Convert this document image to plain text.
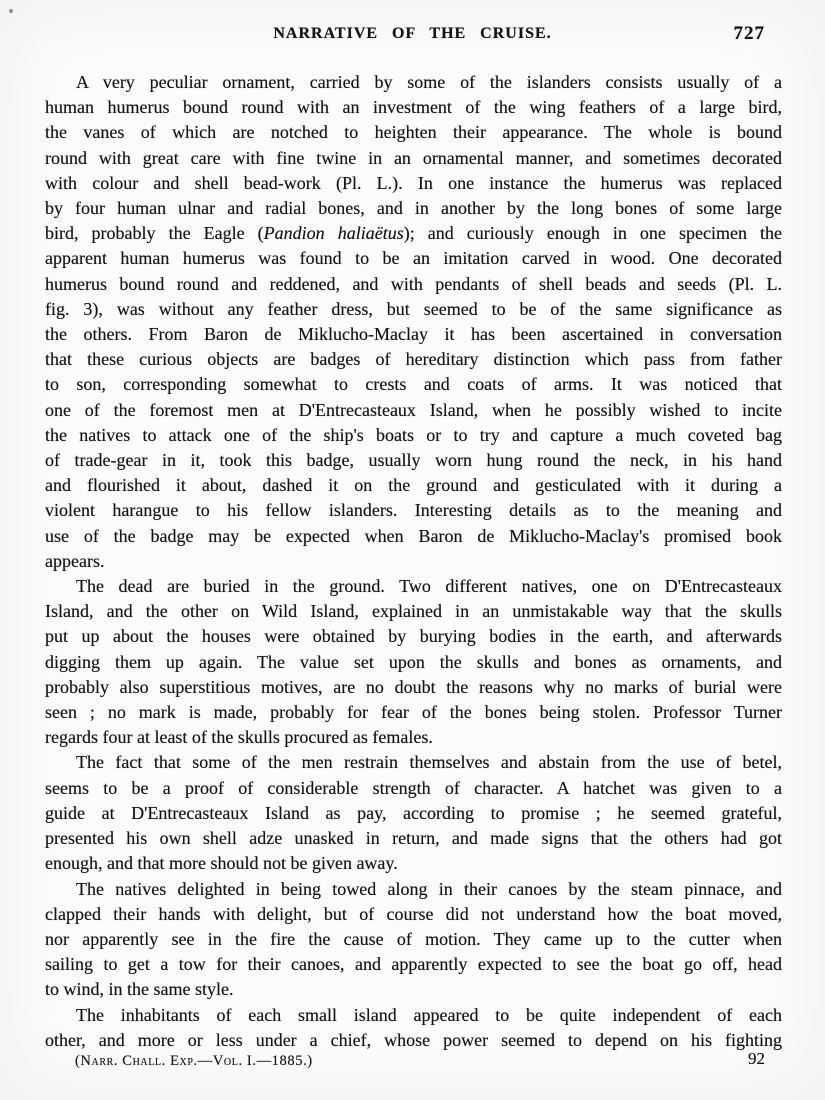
NARRATIVE OF THE CRUISE.	727

A very peculiar ornament, carried by some of the islanders consists usually of a
human humerus bound round with an investment of the wing feathers of a large bird,
the vanes of which are notched to heighten their appearance. The whole is bound
round with great care with fine twine in an ornamental manner, and sometimes decorated
with colour and shell bead-work (Pl. L.). In one instance the humerus was replaced
by four human ulnar and radial bones, and in another by the long bones of some large
bird, probably the Eagle (Pandion haliaëtus); and curiously enough in one specimen the
apparent human humerus was found to be an imitation carved in wood. One decorated
humerus bound round and reddened, and with pendants of shell beads and seeds (Pl. L.
fig. 3), was without any feather dress, but seemed to be of the same significance as
the others. From Baron de Miklucho-Maclay it has been ascertained in conversation
that these curious objects are badges of hereditary distinction which pass from father
to son, corresponding somewhat to crests and coats of arms. It was noticed that
one of the foremost men at D'Entrecasteaux Island, when he possibly wished to incite
the natives to attack one of the ship's boats or to try and capture a much coveted bag
of trade-gear in it, took this badge, usually worn hung round the neck, in his hand
and flourished it about, dashed it on the ground and gesticulated with it during a
violent harangue to his fellow islanders. Interesting details as to the meaning and
use of the badge may be expected when Baron de Miklucho-Maclay's promised book
appears.

The dead are buried in the ground. Two different natives, one on D'Entrecasteaux
Island, and the other on Wild Island, explained in an unmistakable way that the skulls
put up about the houses were obtained by burying bodies in the earth, and afterwards
digging them up again. The value set upon the skulls and bones as ornaments, and
probably also superstitious motives, are no doubt the reasons why no marks of burial were
seen ; no mark is made, probably for fear of the bones being stolen. Professor Turner
regards four at least of the skulls procured as females.

The fact that some of the men restrain themselves and abstain from the use of betel,
seems to be a proof of considerable strength of character. A hatchet was given to a
guide at D'Entrecasteaux Island as pay, according to promise ; he seemed grateful,
presented his own shell adze unasked in return, and made signs that the others had got
enough, and that more should not be given away.

The natives delighted in being towed along in their canoes by the steam pinnace, and
clapped their hands with delight, but of course did not understand how the boat moved,
nor apparently see in the fire the cause of motion. They came up to the cutter when
sailing to get a tow for their canoes, and apparently expected to see the boat go off, head
to wind, in the same style.

The inhabitants of each small island appeared to be quite independent of each
other, and more or less under a chief, whose power seemed to depend on his fighting

(Narr. Chall. Exp.—Vol. I.—1885.)	92
